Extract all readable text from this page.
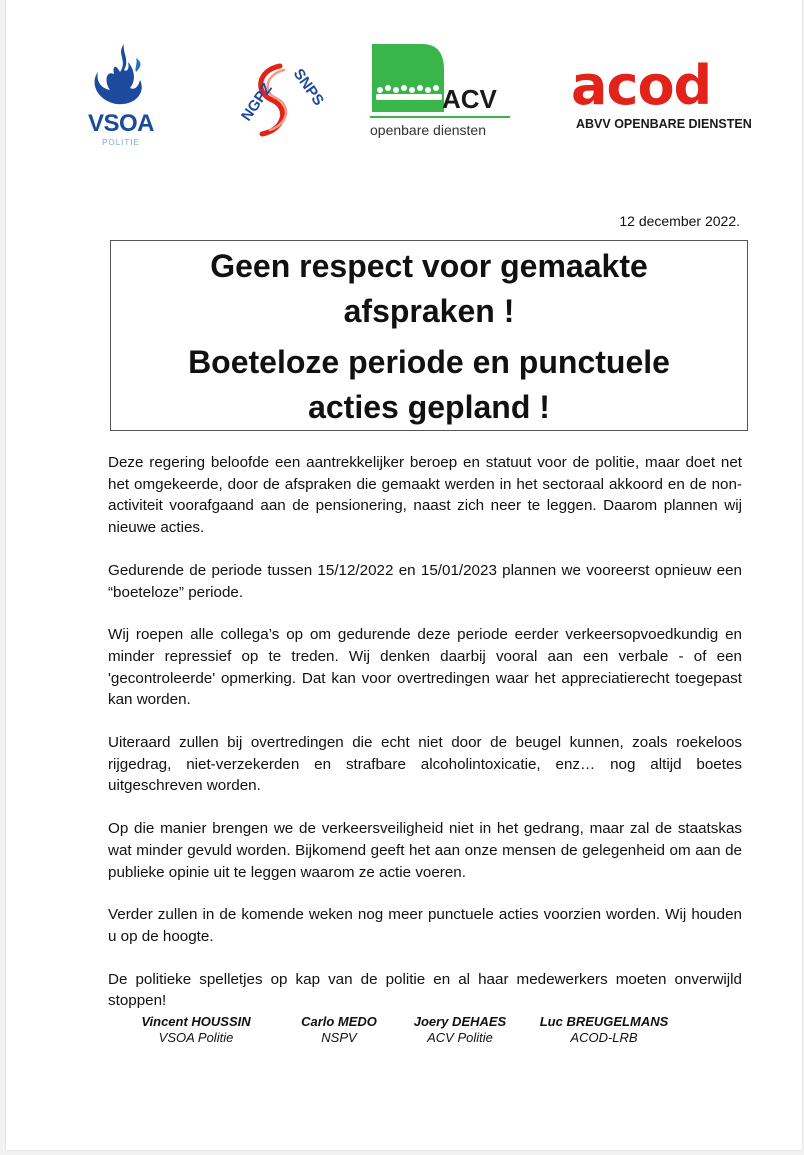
VSOA
POLITIE
NGPZ SNPS	ACV
openbare diensten
acod
ABVV OPENBARE DIENSTEN
12 december 2022.
Geen respect voor gemaakte
afspraken !
Boeteloze periode en punctuele
acties gepland !

Deze regering beloofde een aantrekkelijker beroep en statuut voor de politie, maar doet net het omgekeerde, door de afspraken die gemaakt werden in het sectoraal akkoord en de non-activiteit voorafgaand aan de pensionering, naast zich neer te leggen. Daarom plannen wij nieuwe acties.

Gedurende de periode tussen 15/12/2022 en 15/01/2023 plannen we vooreerst opnieuw een “boeteloze” periode.

Wij roepen alle collega’s op om gedurende deze periode eerder verkeersopvoedkundig en minder repressief op te treden. Wij denken daarbij vooral aan een verbale - of een 'gecontroleerde' opmerking. Dat kan voor overtredingen waar het appreciatierecht toegepast kan worden.

Uiteraard zullen bij overtredingen die echt niet door de beugel kunnen, zoals roekeloos rijgedrag, niet-verzekerden en strafbare alcoholintoxicatie, enz… nog altijd boetes uitgeschreven worden.

Op die manier brengen we de verkeersveiligheid niet in het gedrang, maar zal de staatskas wat minder gevuld worden. Bijkomend geeft het aan onze mensen de gelegenheid om aan de publieke opinie uit te leggen waarom ze actie voeren.

Verder zullen in de komende weken nog meer punctuele acties voorzien worden. Wij houden u op de hoogte.

De politieke spelletjes op kap van de politie en al haar medewerkers moeten onverwijld stoppen!

Vincent HOUSSIN
VSOA Politie
Carlo MEDO
NSPV
Joery DEHAES
ACV Politie
Luc BREUGELMANS
ACOD-LRB
